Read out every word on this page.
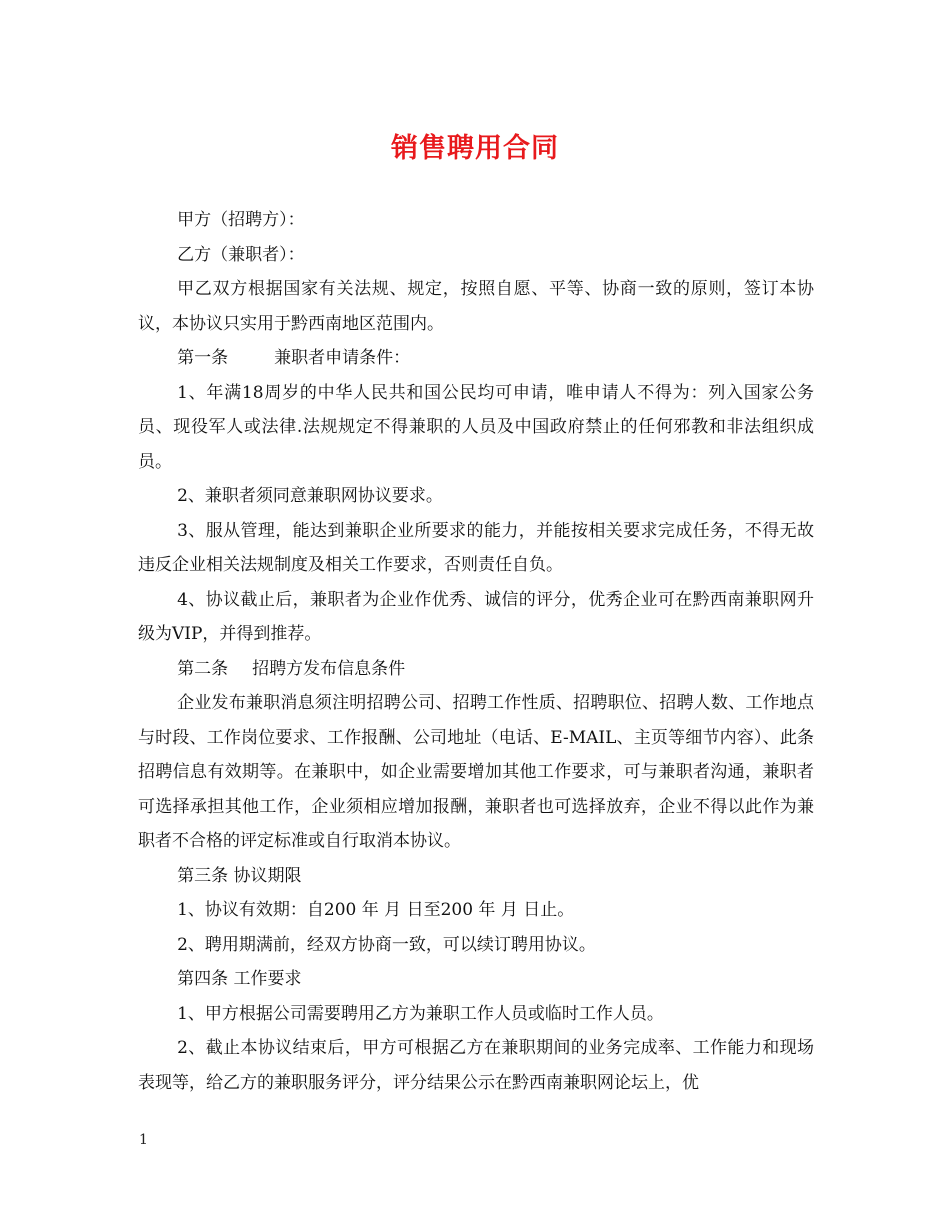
销售聘用合同

甲方（招聘方）：

乙方（兼职者）：

甲乙双方根据国家有关法规、规定，按照自愿、平等、协商一致的原则，签订本协议，本协议只实用于黔西南地区范围内。

第一条	兼职者申请条件：

1、年满18周岁的中华人民共和国公民均可申请，唯申请人不得为：列入国家公务员、现役军人或法律.法规规定不得兼职的人员及中国政府禁止的任何邪教和非法组织成员。

2、兼职者须同意兼职网协议要求。

3、服从管理，能达到兼职企业所要求的能力，并能按相关要求完成任务，不得无故违反企业相关法规制度及相关工作要求，否则责任自负。

4、协议截止后，兼职者为企业作优秀、诚信的评分，优秀企业可在黔西南兼职网升级为VIP，并得到推荐。

第二条 招聘方发布信息条件

企业发布兼职消息须注明招聘公司、招聘工作性质、招聘职位、招聘人数、工作地点与时段、工作岗位要求、工作报酬、公司地址（电话、E-MAIL、主页等细节内容）、此条招聘信息有效期等。在兼职中，如企业需要增加其他工作要求，可与兼职者沟通，兼职者可选择承担其他工作，企业须相应增加报酬，兼职者也可选择放弃，企业不得以此作为兼职者不合格的评定标准或自行取消本协议。

第三条 协议期限

1、协议有效期：自200 年 月 日至200 年 月 日止。

2、聘用期满前，经双方协商一致，可以续订聘用协议。

第四条 工作要求

1、甲方根据公司需要聘用乙方为兼职工作人员或临时工作人员。

2、截止本协议结束后，甲方可根据乙方在兼职期间的业务完成率、工作能力和现场表现等，给乙方的兼职服务评分，评分结果公示在黔西南兼职网论坛上，优

1
